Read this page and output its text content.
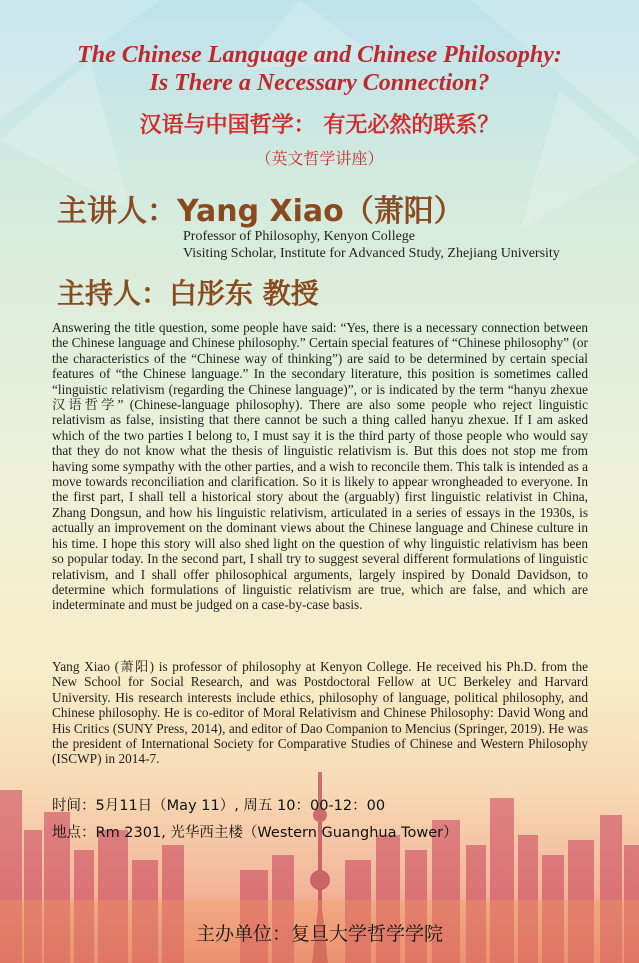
The Chinese Language and Chinese Philosophy:
Is There a Necessary Connection?
汉语与中国哲学： 有无必然的联系？
（英文哲学讲座）
主讲人：Yang Xiao（萧阳）
Professor of Philosophy, Kenyon College
Visiting Scholar, Institute for Advanced Study, Zhejiang University
主持人：白彤东 教授

Answering the title question, some people have said: “Yes, there is a necessary connection between the Chinese language and Chinese philosophy.” Certain special features of “Chinese philosophy” (or the characteristics of the “Chinese way of thinking”) are said to be determined by certain special features of “the Chinese language.” In the secondary literature, this position is sometimes called “linguistic relativism (regarding the Chinese language)”, or is indicated by the term “hanyu zhexue 汉语哲学” (Chinese-language philosophy). There are also some people who reject linguistic relativism as false, insisting that there cannot be such a thing called hanyu zhexue. If I am asked which of the two parties I belong to, I must say it is the third party of those people who would say that they do not know what the thesis of linguistic relativism is. But this does not stop me from having some sympathy with the other parties, and a wish to reconcile them. This talk is intended as a move towards reconciliation and clarification. So it is likely to appear wrongheaded to everyone. In the first part, I shall tell a historical story about the (arguably) first linguistic relativist in China, Zhang Dongsun, and how his linguistic relativism, articulated in a series of essays in the 1930s, is actually an improvement on the dominant views about the Chinese language and Chinese culture in his time. I hope this story will also shed light on the question of why linguistic relativism has been so popular today. In the second part, I shall try to suggest several different formulations of linguistic relativism, and I shall offer philosophical arguments, largely inspired by Donald Davidson, to determine which formulations of linguistic relativism are true, which are false, and which are indeterminate and must be judged on a case-by-case basis.

Yang Xiao (萧阳) is professor of philosophy at Kenyon College. He received his Ph.D. from the New School for Social Research, and was Postdoctoral Fellow at UC Berkeley and Harvard University. His research interests include ethics, philosophy of language, political philosophy, and Chinese philosophy. He is co-editor of Moral Relativism and Chinese Philosophy: David Wong and His Critics (SUNY Press, 2014), and editor of Dao Companion to Mencius (Springer, 2019). He was the president of International Society for Comparative Studies of Chinese and Western Philosophy (ISCWP) in 2014-7.

时间：5月11日（May 11）, 周五 10：00-12：00
地点：Rm 2301, 光华西主楼（Western Guanghua Tower）
主办单位：复旦大学哲学学院
